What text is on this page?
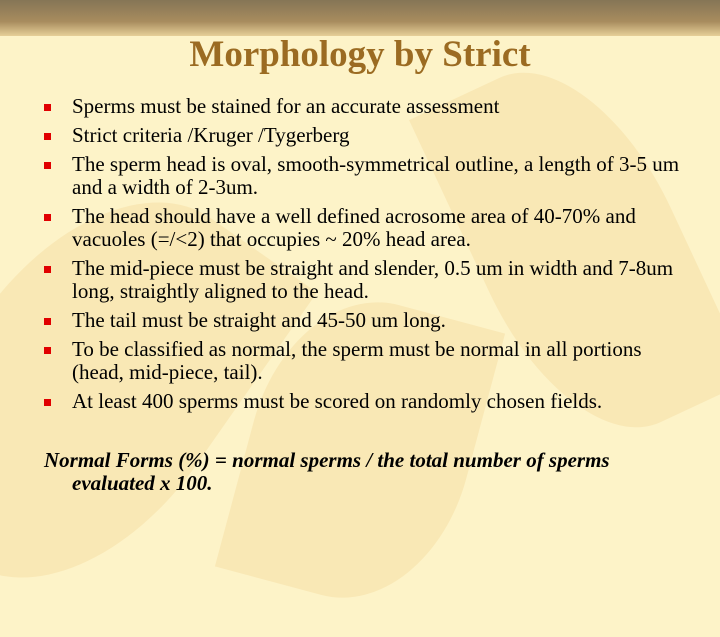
Morphology by Strict
Sperms must be stained for an accurate assessment
Strict criteria /Kruger /Tygerberg
The sperm head is oval, smooth-symmetrical outline, a length of 3-5 um and a width of 2-3um.
The head should have a well defined acrosome area of 40-70% and vacuoles (=/<2) that occupies ~ 20% head area.
The mid-piece must be straight and slender, 0.5 um in width and 7-8um long, straightly aligned to the head.
The tail must be straight and 45-50 um long.
To be classified as normal, the sperm must be normal in all portions (head, mid-piece, tail).
At least 400 sperms must be scored on randomly chosen fields.
Normal Forms (%) = normal sperms / the total number of sperms evaluated x 100.
